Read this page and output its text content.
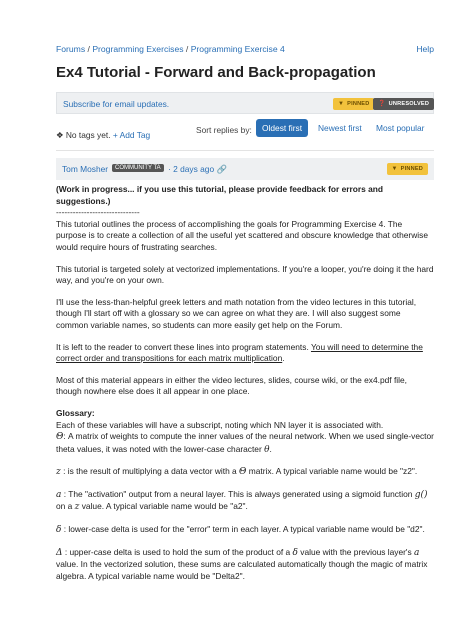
Forums / Programming Exercises / Programming Exercise 4	Help
Ex4 Tutorial - Forward and Back-propagation
Subscribe for email updates.	▼ PINNED	❓ UNRESOLVED
❖ No tags yet. + Add Tag	Sort replies by:	Oldest first	Newest first Most popular
Tom Mosher	COMMUNITY TA · 2 days ago 🔗	▼ PINNED

(Work in progress... if you use this tutorial, please provide feedback for errors and suggestions.)

------------------------------

This tutorial outlines the process of accomplishing the goals for Programming Exercise 4. The purpose is to create a collection of all the useful yet scattered and obscure knowledge that otherwise would require hours of frustrating searches.

This tutorial is targeted solely at vectorized implementations. If you're a looper, you're doing it the hard way, and you're on your own.

I'll use the less-than-helpful greek letters and math notation from the video lectures in this tutorial, though I'll start off with a glossary so we can agree on what they are. I will also suggest some common variable names, so students can more easily get help on the Forum.

It is left to the reader to convert these lines into program statements. You will need to determine the correct order and transpositions for each matrix multiplication.

Most of this material appears in either the video lectures, slides, course wiki, or the ex4.pdf file, though nowhere else does it all appear in one place.

Glossary:

Each of these variables will have a subscript, noting which NN layer it is associated with.

Θ: A matrix of weights to compute the inner values of the neural network. When we used single-vector theta values, it was noted with the lower-case character θ.

z : is the result of multiplying a data vector with a Θ matrix. A typical variable name would be "z2".

a : The "activation" output from a neural layer. This is always generated using a sigmoid function g() on a z value. A typical variable name would be "a2".

δ : lower-case delta is used for the "error" term in each layer. A typical variable name would be "d2".

Δ : upper-case delta is used to hold the sum of the product of a δ value with the previous layer's a value. In the vectorized solution, these sums are calculated automatically though the magic of matrix algebra. A typical variable name would be "Delta2".
